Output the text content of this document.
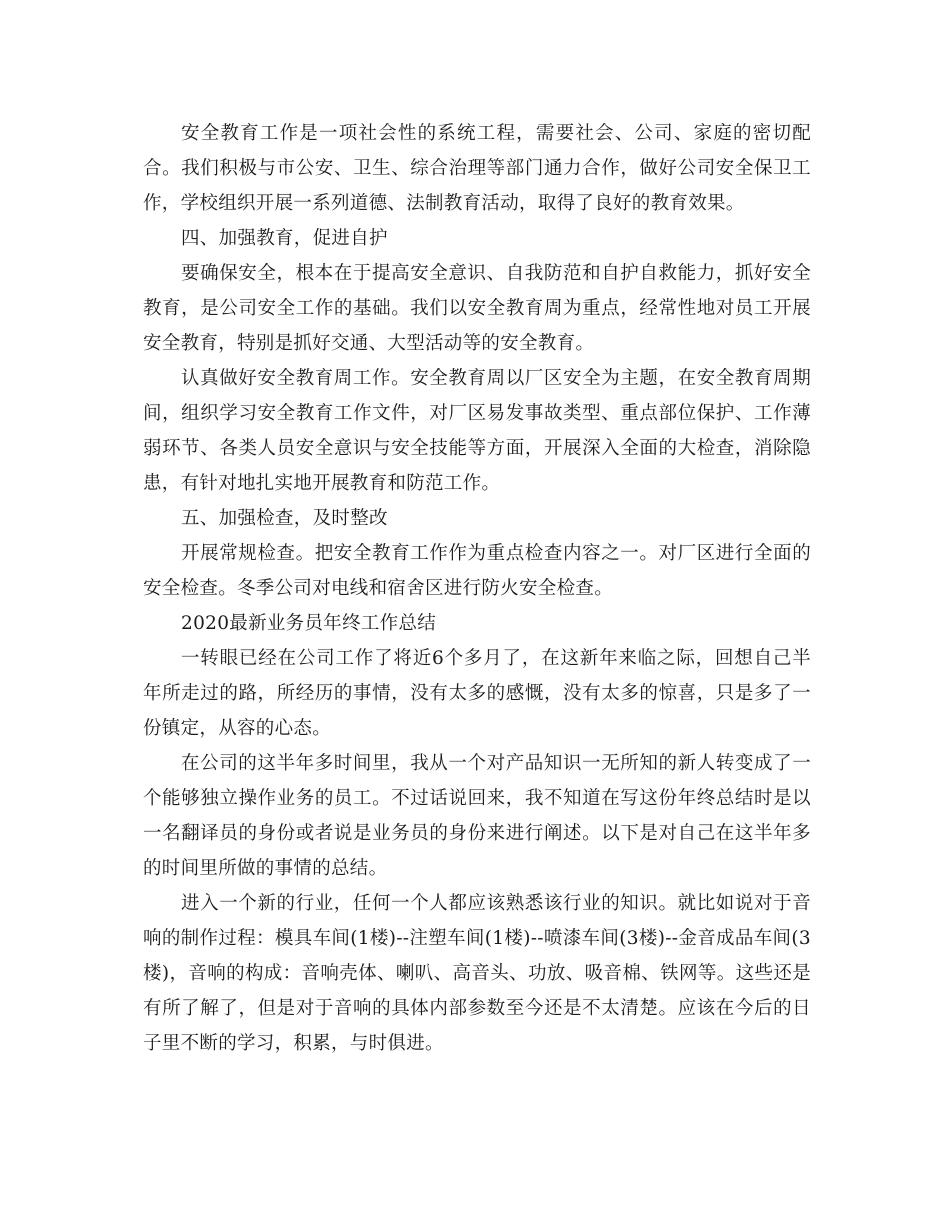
安全教育工作是一项社会性的系统工程，需要社会、公司、家庭的密切配合。我们积极与市公安、卫生、综合治理等部门通力合作，做好公司安全保卫工作，学校组织开展一系列道德、法制教育活动，取得了良好的教育效果。

四、加强教育，促进自护

要确保安全，根本在于提高安全意识、自我防范和自护自救能力，抓好安全教育，是公司安全工作的基础。我们以安全教育周为重点，经常性地对员工开展安全教育，特别是抓好交通、大型活动等的安全教育。

认真做好安全教育周工作。安全教育周以厂区安全为主题，在安全教育周期间，组织学习安全教育工作文件，对厂区易发事故类型、重点部位保护、工作薄弱环节、各类人员安全意识与安全技能等方面，开展深入全面的大检查，消除隐患，有针对地扎实地开展教育和防范工作。

五、加强检查，及时整改

开展常规检查。把安全教育工作作为重点检查内容之一。对厂区进行全面的安全检查。冬季公司对电线和宿舍区进行防火安全检查。

2020最新业务员年终工作总结

一转眼已经在公司工作了将近6个多月了，在这新年来临之际，回想自己半年所走过的路，所经历的事情，没有太多的感慨，没有太多的惊喜，只是多了一份镇定，从容的心态。

在公司的这半年多时间里，我从一个对产品知识一无所知的新人转变成了一个能够独立操作业务的员工。不过话说回来，我不知道在写这份年终总结时是以一名翻译员的身份或者说是业务员的身份来进行阐述。以下是对自己在这半年多的时间里所做的事情的总结。

进入一个新的行业，任何一个人都应该熟悉该行业的知识。就比如说对于音响的制作过程：模具车间(1楼)--注塑车间(1楼)--喷漆车间(3楼)--金音成品车间(3楼)，音响的构成：音响壳体、喇叭、高音头、功放、吸音棉、铁网等。这些还是有所了解了，但是对于音响的具体内部参数至今还是不太清楚。应该在今后的日子里不断的学习，积累，与时俱进。
